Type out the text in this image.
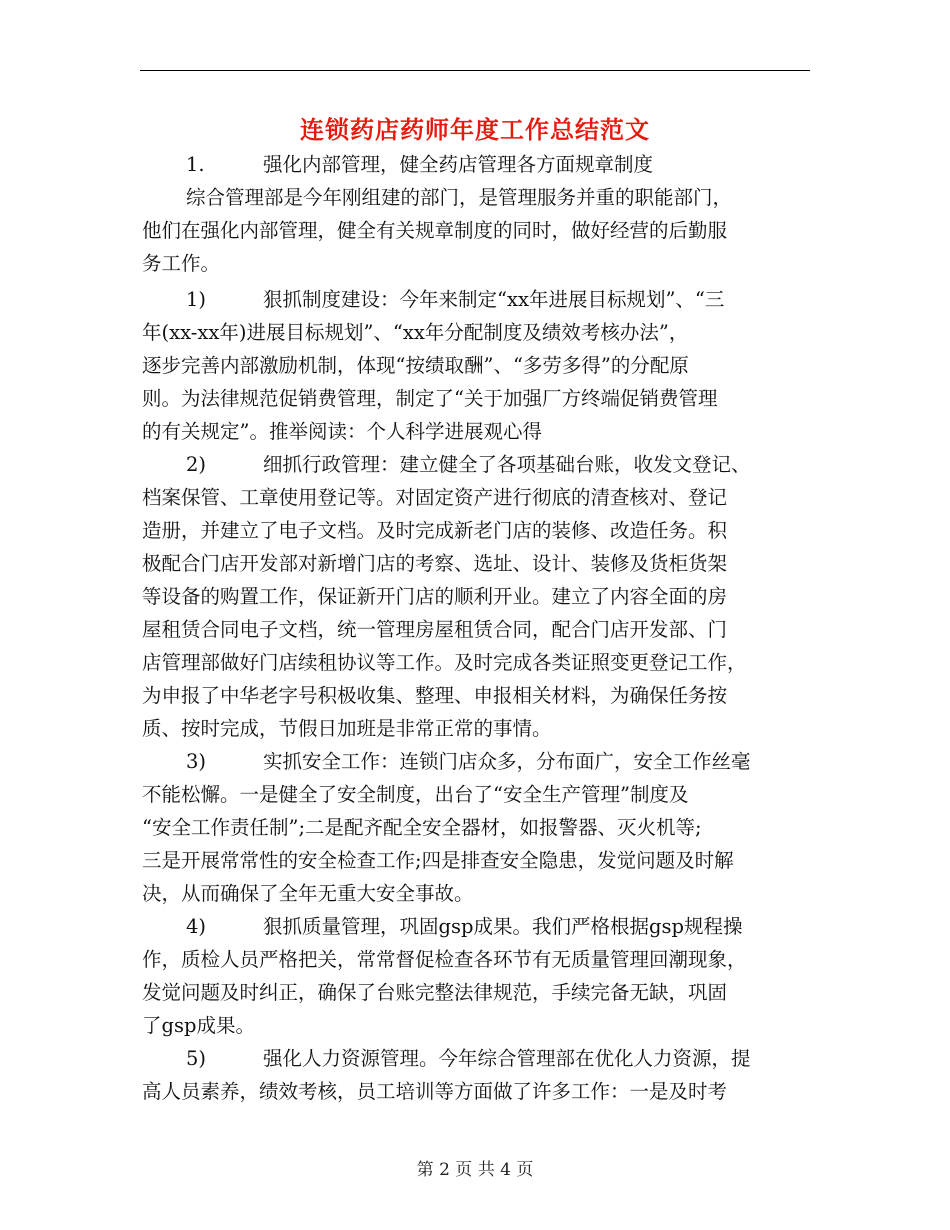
连锁药店药师年度工作总结范文
1.	强化内部管理，健全药店管理各方面规章制度
综合管理部是今年刚组建的部门，是管理服务并重的职能部门，
他们在强化内部管理，健全有关规章制度的同时，做好经营的后勤服
务工作。
1)	狠抓制度建设：今年来制定“xx年进展目标规划”、“三
年(xx-xx年)进展目标规划”、“xx年分配制度及绩效考核办法”，
逐步完善内部激励机制，体现“按绩取酬”、“多劳多得”的分配原
则。为法律规范促销费管理，制定了“关于加强厂方终端促销费管理
的有关规定”。推举阅读：个人科学进展观心得
2)	细抓行政管理：建立健全了各项基础台账，收发文登记、
档案保管、工章使用登记等。对固定资产进行彻底的清查核对、登记
造册，并建立了电子文档。及时完成新老门店的装修、改造任务。积
极配合门店开发部对新增门店的考察、选址、设计、装修及货柜货架
等设备的购置工作，保证新开门店的顺利开业。建立了内容全面的房
屋租赁合同电子文档，统一管理房屋租赁合同，配合门店开发部、门
店管理部做好门店续租协议等工作。及时完成各类证照变更登记工作，
为申报了中华老字号积极收集、整理、申报相关材料，为确保任务按
质、按时完成，节假日加班是非常正常的事情。
3)	实抓安全工作：连锁门店众多，分布面广，安全工作丝毫
不能松懈。一是健全了安全制度，出台了“安全生产管理”制度及
“安全工作责任制”;二是配齐配全安全器材，如报警器、灭火机等;
三是开展常常性的安全检查工作;四是排查安全隐患，发觉问题及时解
决，从而确保了全年无重大安全事故。
4)	狠抓质量管理，巩固gsp成果。我们严格根据gsp规程操
作，质检人员严格把关，常常督促检查各环节有无质量管理回潮现象，
发觉问题及时纠正，确保了台账完整法律规范，手续完备无缺，巩固
了gsp成果。
5)	强化人力资源管理。今年综合管理部在优化人力资源，提
高人员素养，绩效考核，员工培训等方面做了许多工作：一是及时考
第 2 页 共 4 页
